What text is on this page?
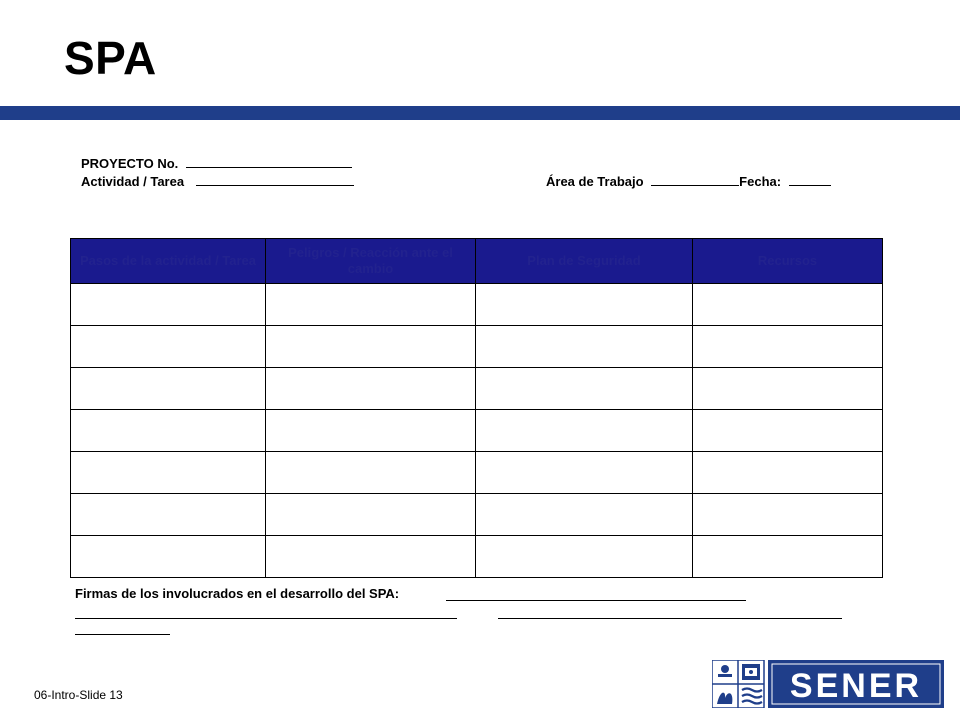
SPA
PROYECTO No.
Actividad / Tarea	Área de Trabajo	Fecha:
Pasos de la actividad / Tarea	Peligros / Reacción ante el cambio	Plan de Seguridad	Recursos

Firmas de los involucrados en el desarrollo del SPA:
06-Intro-Slide 13	SENER
